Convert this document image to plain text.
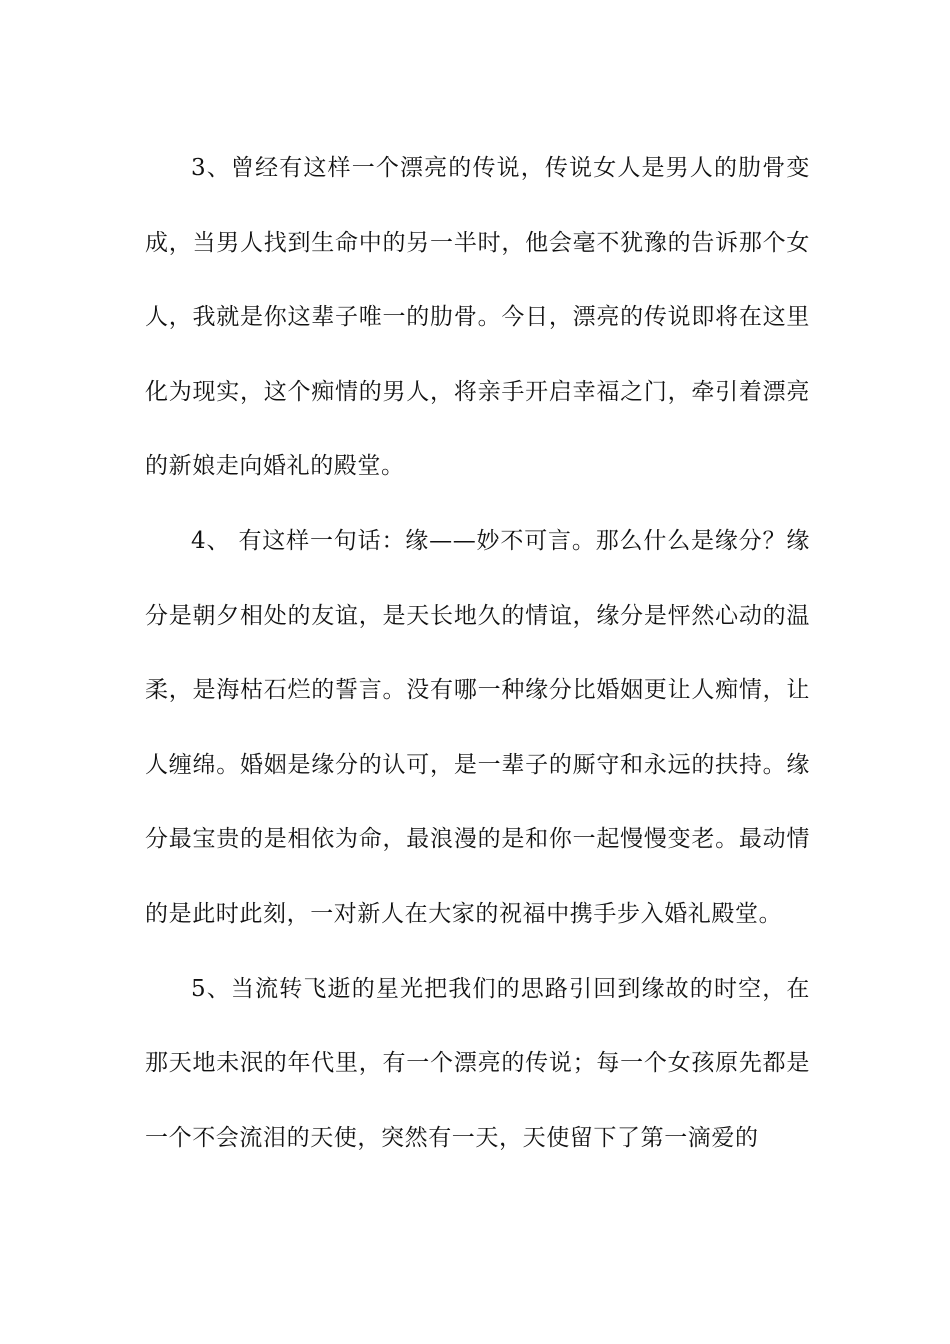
3、曾经有这样一个漂亮的传说，传说女人是男人的肋骨变成，当男人找到生命中的另一半时，他会毫不犹豫的告诉那个女人，我就是你这辈子唯一的肋骨。今日，漂亮的传说即将在这里化为现实，这个痴情的男人，将亲手开启幸福之门，牵引着漂亮的新娘走向婚礼的殿堂。

4、 有这样一句话：缘——妙不可言。那么什么是缘分？缘分是朝夕相处的友谊，是天长地久的情谊，缘分是怦然心动的温柔，是海枯石烂的誓言。没有哪一种缘分比婚姻更让人痴情，让人缠绵。婚姻是缘分的认可，是一辈子的厮守和永远的扶持。缘分最宝贵的是相依为命，最浪漫的是和你一起慢慢变老。最动情的是此时此刻，一对新人在大家的祝福中携手步入婚礼殿堂。

5、当流转飞逝的星光把我们的思路引回到缘故的时空，在那天地未泯的年代里，有一个漂亮的传说；每一个女孩原先都是一个不会流泪的天使，突然有一天，天使留下了第一滴爱的
